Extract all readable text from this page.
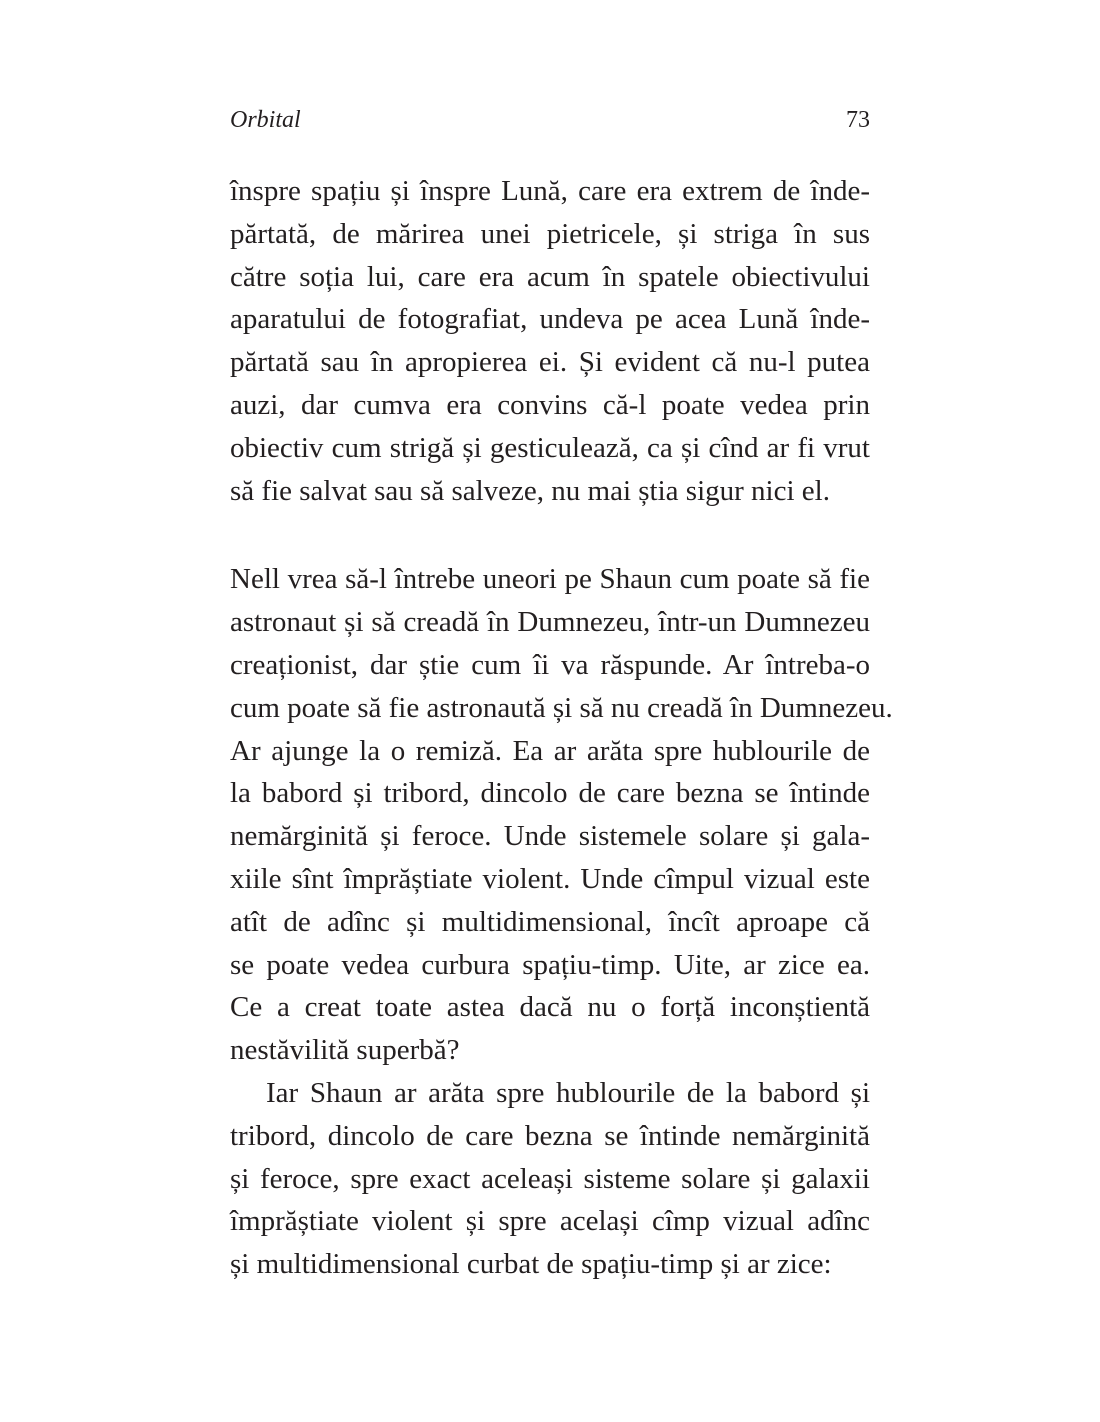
Orbital	73
înspre spațiu și înspre Lună, care era extrem de înde-
părtată, de mărirea unei pietricele, și striga în sus
către soția lui, care era acum în spatele obiectivului
aparatului de fotografiat, undeva pe acea Lună înde-
părtată sau în apropierea ei. Și evident că nu-l putea
auzi, dar cumva era convins că-l poate vedea prin
obiectiv cum strigă și gesticulează, ca și cînd ar fi vrut
să fie salvat sau să salveze, nu mai știa sigur nici el.
Nell vrea să-l întrebe uneori pe Shaun cum poate să fie
astronaut și să creadă în Dumnezeu, într-un Dumnezeu
creaționist, dar știe cum îi va răspunde. Ar întreba-o
cum poate să fie astronaută și să nu creadă în Dumnezeu.
Ar ajunge la o remiză. Ea ar arăta spre hublourile de
la babord și tribord, dincolo de care bezna se întinde
nemărginită și feroce. Unde sistemele solare și gala-
xiile sînt împrăștiate violent. Unde cîmpul vizual este
atît de adînc și multidimensional, încît aproape că
se poate vedea curbura spațiu-timp. Uite, ar zice ea.
Ce a creat toate astea dacă nu o forță inconștientă
nestăvilită superbă?
Iar Shaun ar arăta spre hublourile de la babord și
tribord, dincolo de care bezna se întinde nemărginită
și feroce, spre exact aceleași sisteme solare și galaxii
împrăștiate violent și spre același cîmp vizual adînc
și multidimensional curbat de spațiu-timp și ar zice:
